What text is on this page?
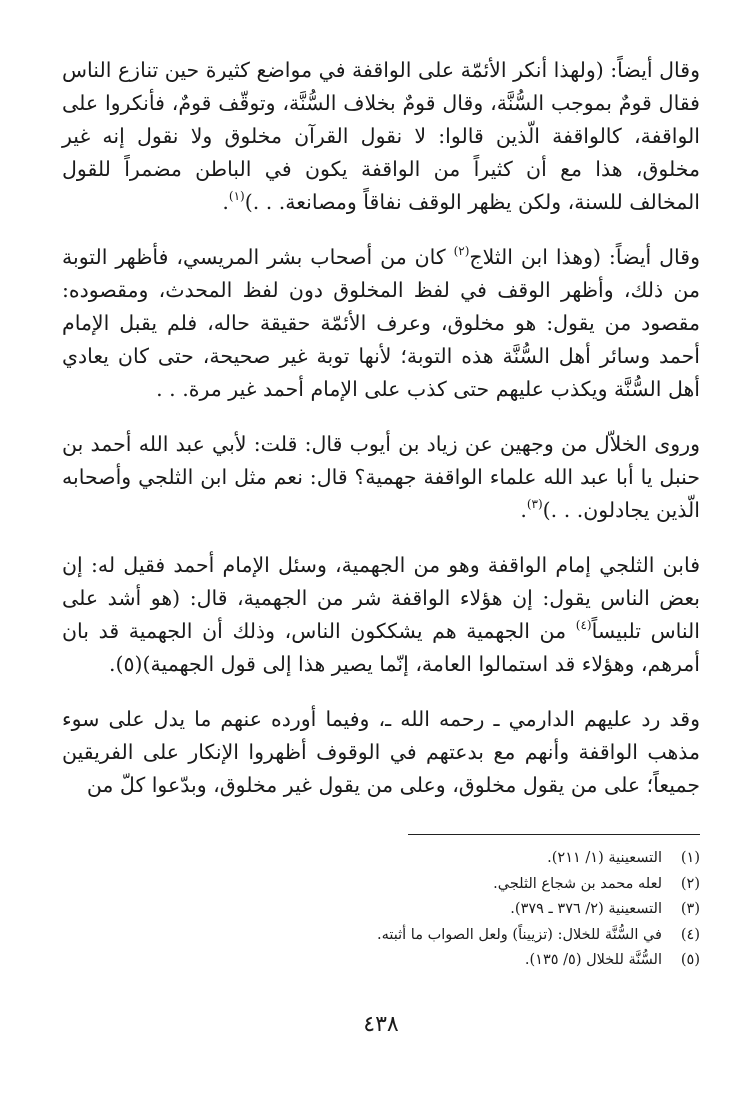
وقال أيضاً: (ولهذا أنكر الأئمّة على الواقفة في مواضع كثيرة حين تنازع الناس فقال قومٌ بموجب السُّنَّة، وقال قومٌ بخلاف السُّنَّة، وتوقّف قومٌ، فأنكروا على الواقفة، كالواقفة الّذين قالوا: لا نقول القرآن مخلوق ولا نقول إنه غير مخلوق، هذا مع أن كثيراً من الواقفة يكون في الباطن مضمراً للقول المخالف للسنة، ولكن يظهر الوقف نفاقاً ومصانعة. . .)$^{(١)}$.

وقال أيضاً: (وهذا ابن الثلاج$^{(٢)}$ كان من أصحاب بشر المريسي، فأظهر التوبة من ذلك، وأظهر الوقف في لفظ المخلوق دون لفظ المحدث، ومقصوده: مقصود من يقول: هو مخلوق، وعرف الأئمّة حقيقة حاله، فلم يقبل الإمام أحمد وسائر أهل السُّنَّة هذه التوبة؛ لأنها توبة غير صحيحة، حتى كان يعادي أهل السُّنَّة ويكذب عليهم حتى كذب على الإمام أحمد غير مرة. . .

وروى الخلاّل من وجهين عن زياد بن أيوب قال: قلت: لأبي عبد الله أحمد بن حنبل يا أبا عبد الله علماء الواقفة جهمية؟ قال: نعم مثل ابن الثلجي وأصحابه الّذين يجادلون. . .)$^{(٣)}$.

فابن الثلجي إمام الواقفة وهو من الجهمية، وسئل الإمام أحمد فقيل له: إن بعض الناس يقول: إن هؤلاء الواقفة شر من الجهمية، قال: (هو أشد على الناس تلبيساً$^{(٤)}$ من الجهمية هم يشككون الناس، وذلك أن الجهمية قد بان أمرهم، وهؤلاء قد استمالوا العامة، إنّما يصير هذا إلى قول الجهمية)(٥).

وقد رد عليهم الدارمي ـ رحمه الله ـ، وفيما أورده عنهم ما يدل على سوء مذهب الواقفة وأنهم مع بدعتهم في الوقوف أظهروا الإنكار على الفريقين جميعاً؛ على من يقول مخلوق، وعلى من يقول غير مخلوق، وبدّعوا كلّ من

(١)
التسعينية (١/ ٢١١).
(٢)
لعله محمد بن شجاع الثلجي.
(٣)
التسعينية (٢/ ٣٧٦ ـ ٣٧٩).
(٤)
في السُّنَّة للخلال: (تزييناً) ولعل الصواب ما أثبته.
(٥)
السُّنَّة للخلال (٥/ ١٣٥).
٤٣٨
